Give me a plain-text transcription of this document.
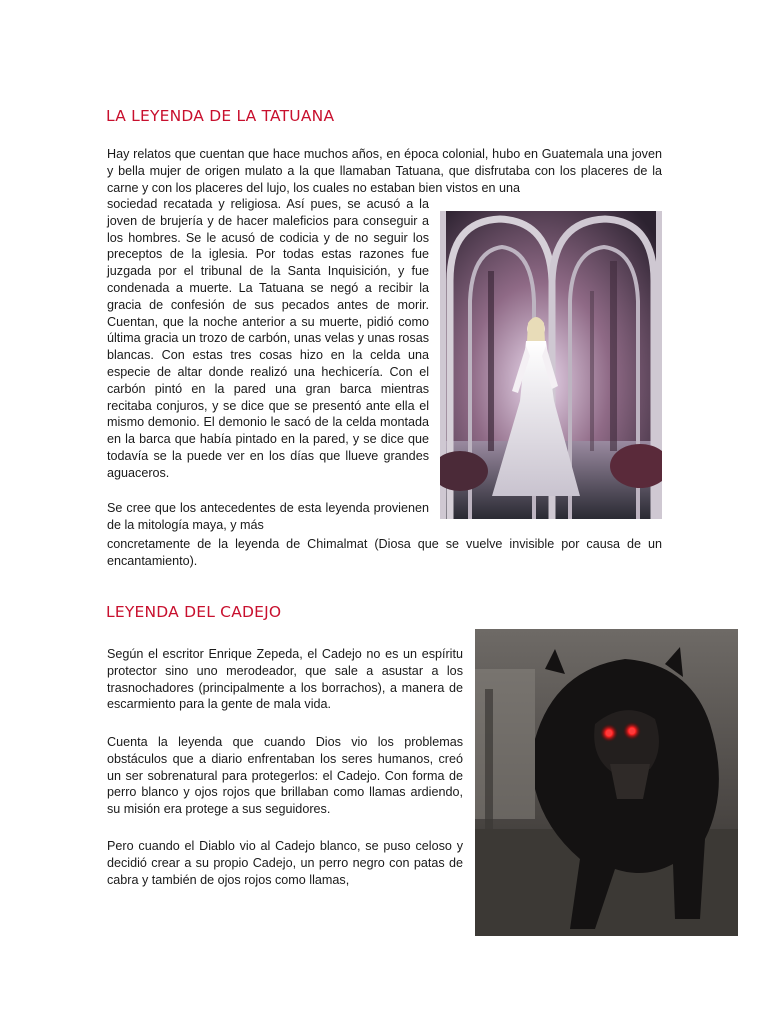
LA LEYENDA DE LA TATUANA

Hay relatos que cuentan que hace muchos años, en época colonial, hubo en Guatemala una joven y bella mujer de origen mulato a la que llamaban Tatuana, que disfrutaba con los placeres de la carne y con los placeres del lujo, los cuales no estaban bien vistos en una

sociedad recatada y religiosa. Así pues, se acusó a la joven de brujería y de hacer maleficios para conseguir a los hombres. Se le acusó de codicia y de no seguir los preceptos de la iglesia. Por todas estas razones fue juzgada por el tribunal de la Santa Inquisición, y fue condenada a muerte. La Tatuana se negó a recibir la gracia de confesión de sus pecados antes de morir. Cuentan, que la noche anterior a su muerte, pidió como última gracia un trozo de carbón, unas velas y unas rosas blancas. Con estas tres cosas hizo en la celda una especie de altar donde realizó una hechicería. Con el carbón pintó en la pared una gran barca mientras recitaba conjuros, y se dice que se presentó ante ella el mismo demonio. El demonio le sacó de la celda montada en la barca que había pintado en la pared, y se dice que todavía se la puede ver en los días que llueve grandes aguaceros.

Se cree que los antecedentes de esta leyenda provienen de la mitología maya, y más

concretamente de la leyenda de Chimalmat (Diosa que se vuelve invisible por causa de un encantamiento).

LEYENDA DEL CADEJO

Según el escritor Enrique Zepeda, el Cadejo no es un espíritu protector sino uno merodeador, que sale a asustar a los trasnochadores (principalmente a los borrachos), a manera de escarmiento para la gente de mala vida.

Cuenta la leyenda que cuando Dios vio los problemas obstáculos que a diario enfrentaban los seres humanos, creó un ser sobrenatural para protegerlos: el Cadejo. Con forma de perro blanco y ojos rojos que brillaban como llamas ardiendo, su misión era protege a sus seguidores.

Pero cuando el Diablo vio al Cadejo blanco, se puso celoso y decidió crear a su propio Cadejo, un perro negro con patas de cabra y también de ojos rojos como llamas,
